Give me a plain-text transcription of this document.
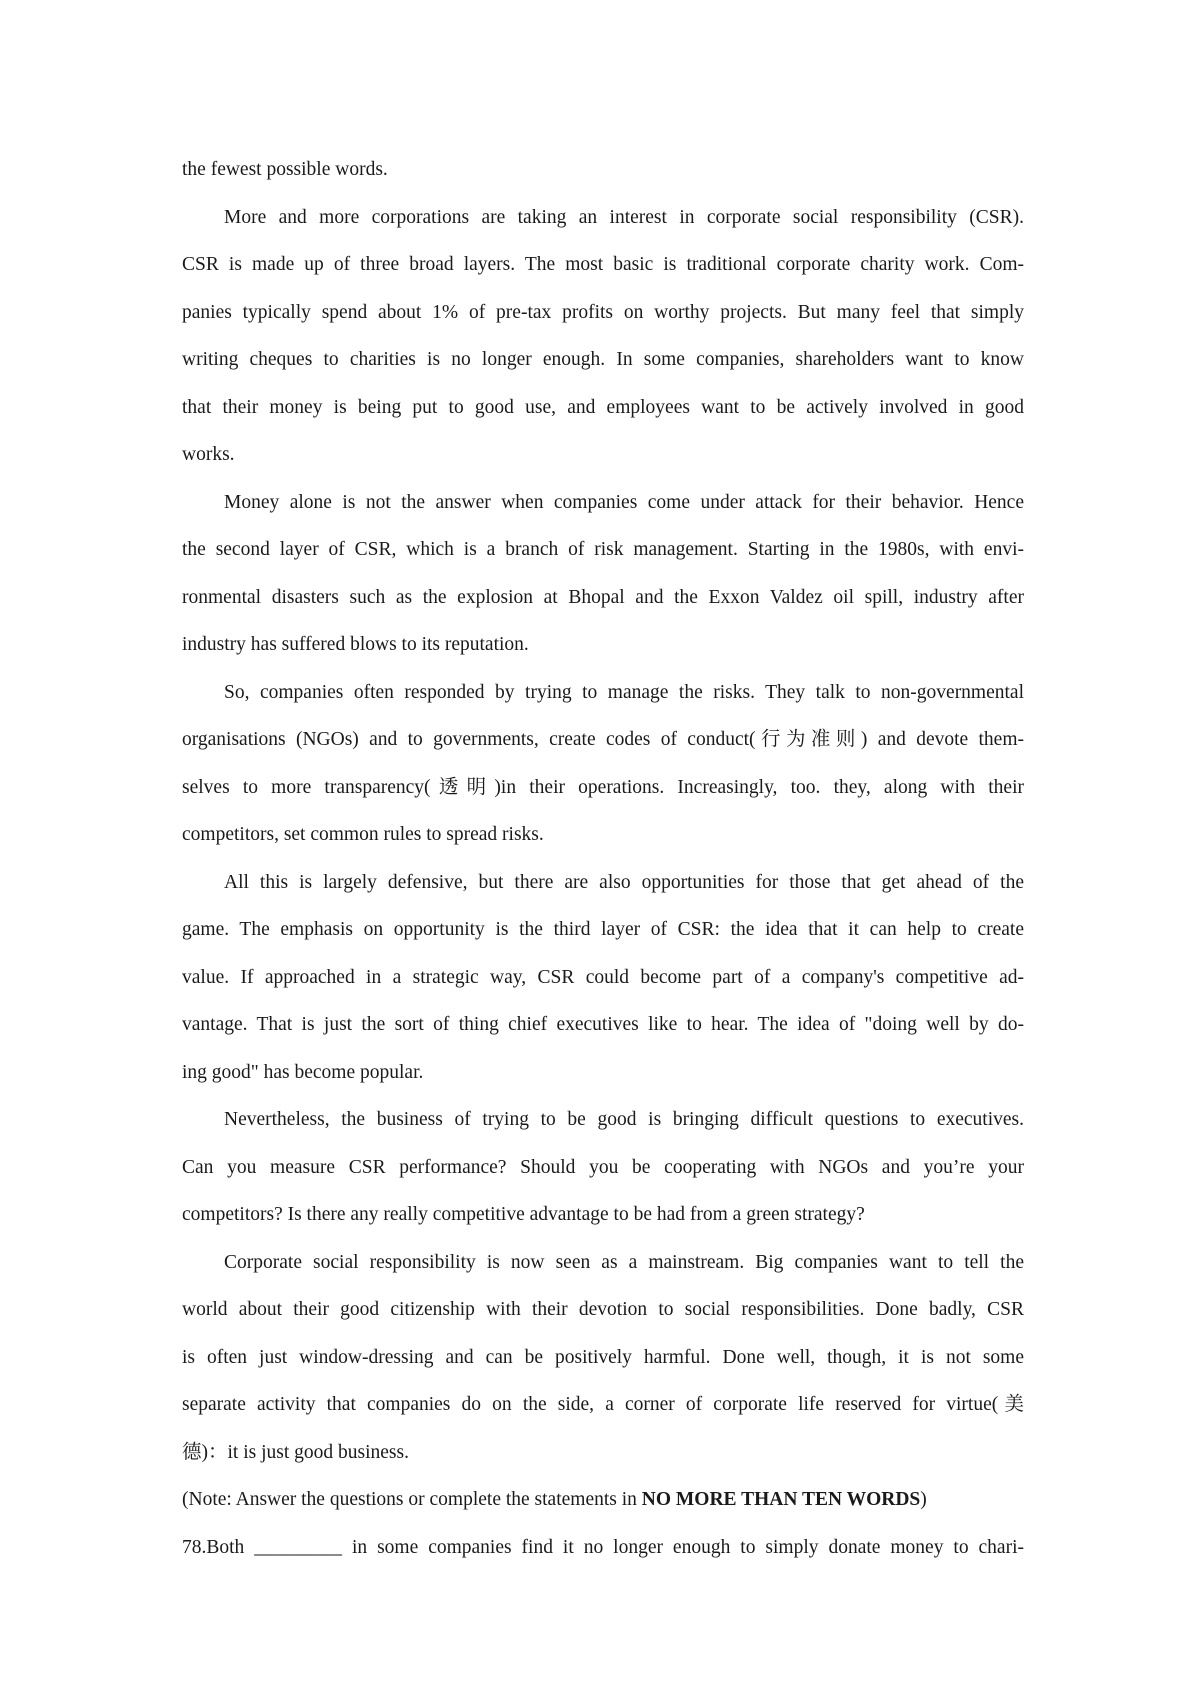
the fewest possible words.

More and more corporations are taking an interest in corporate social responsibility (CSR).

CSR is made up of three broad layers. The most basic is traditional corporate charity work. Com-

panies typically spend about 1% of pre-tax profits on worthy projects. But many feel that simply

writing cheques to charities is no longer enough. In some companies, shareholders want to know

that their money is being put to good use, and employees want to be actively involved in good

works.

Money alone is not the answer when companies come under attack for their behavior. Hence

the second layer of CSR, which is a branch of risk management. Starting in the 1980s, with envi-

ronmental disasters such as the explosion at Bhopal and the Exxon Valdez oil spill, industry after

industry has suffered blows to its reputation.

So, companies often responded by trying to manage the risks. They talk to non-governmental

organisations (NGOs) and to governments, create codes of conduct(行为准则) and devote them-

selves to more transparency(透明)in their operations. Increasingly, too. they, along with their

competitors, set common rules to spread risks.

All this is largely defensive, but there are also opportunities for those that get ahead of the

game. The emphasis on opportunity is the third layer of CSR: the idea that it can help to create

value. If approached in a strategic way, CSR could become part of a company's competitive ad-

vantage. That is just the sort of thing chief executives like to hear. The idea of "doing well by do-

ing good" has become popular.

Nevertheless, the business of trying to be good is bringing difficult questions to executives.

Can you measure CSR performance? Should you be cooperating with NGOs and you’re your

competitors? Is there any really competitive advantage to be had from a green strategy?

Corporate social responsibility is now seen as a mainstream. Big companies want to tell the

world about their good citizenship with their devotion to social responsibilities. Done badly, CSR

is often just window-dressing and can be positively harmful. Done well, though, it is not some

separate activity that companies do on the side, a corner of corporate life reserved for virtue(美

德)：it is just good business.

(Note: Answer the questions or complete the statements in NO MORE THAN TEN WORDS)

78.Both _________ in some companies find it no longer enough to simply donate money to chari-
